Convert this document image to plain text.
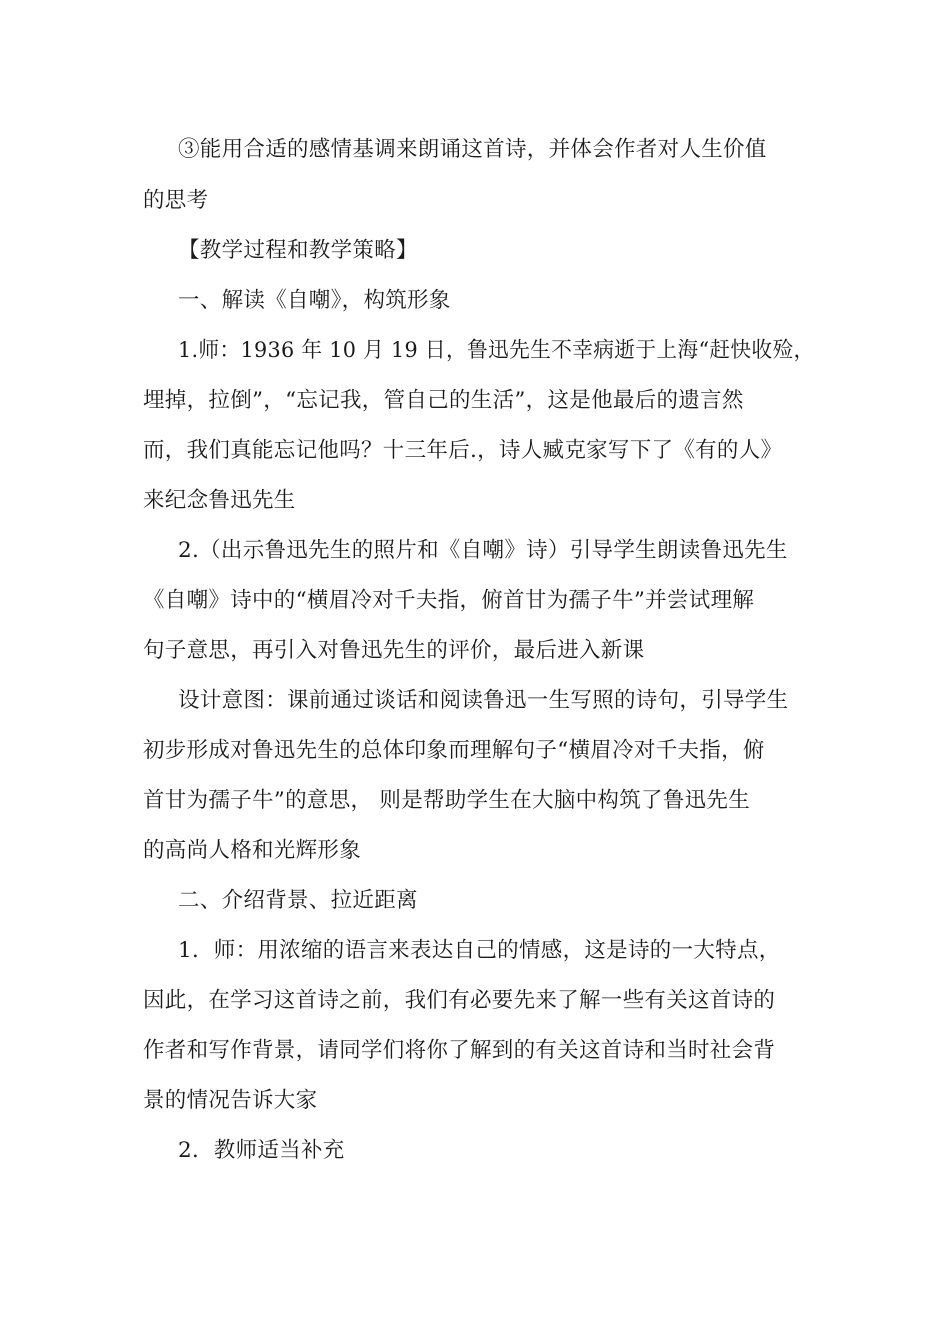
③能用合适的感情基调来朗诵这首诗，并体会作者对人生价值
的思考
【教学过程和教学策略】
一、解读《自嘲》，构筑形象
1.师：1936 年 10 月 19 日，鲁迅先生不幸病逝于上海“赶快收殓，
埋掉，拉倒”，“忘记我，管自己的生活”，这是他最后的遗言然
而，我们真能忘记他吗？十三年后.，诗人臧克家写下了《有的人》
来纪念鲁迅先生
2.（出示鲁迅先生的照片和《自嘲》诗）引导学生朗读鲁迅先生
《自嘲》诗中的“横眉冷对千夫指，俯首甘为孺子牛”并尝试理解
句子意思，再引入对鲁迅先生的评价，最后进入新课
设计意图：课前通过谈话和阅读鲁迅一生写照的诗句，引导学生
初步形成对鲁迅先生的总体印象而理解句子“横眉冷对千夫指，俯
首甘为孺子牛”的意思， 则是帮助学生在大脑中构筑了鲁迅先生
的高尚人格和光辉形象
二、介绍背景、拉近距离
1．师：用浓缩的语言来表达自己的情感，这是诗的一大特点，
因此，在学习这首诗之前，我们有必要先来了解一些有关这首诗的
作者和写作背景，请同学们将你了解到的有关这首诗和当时社会背
景的情况告诉大家
2．教师适当补充
